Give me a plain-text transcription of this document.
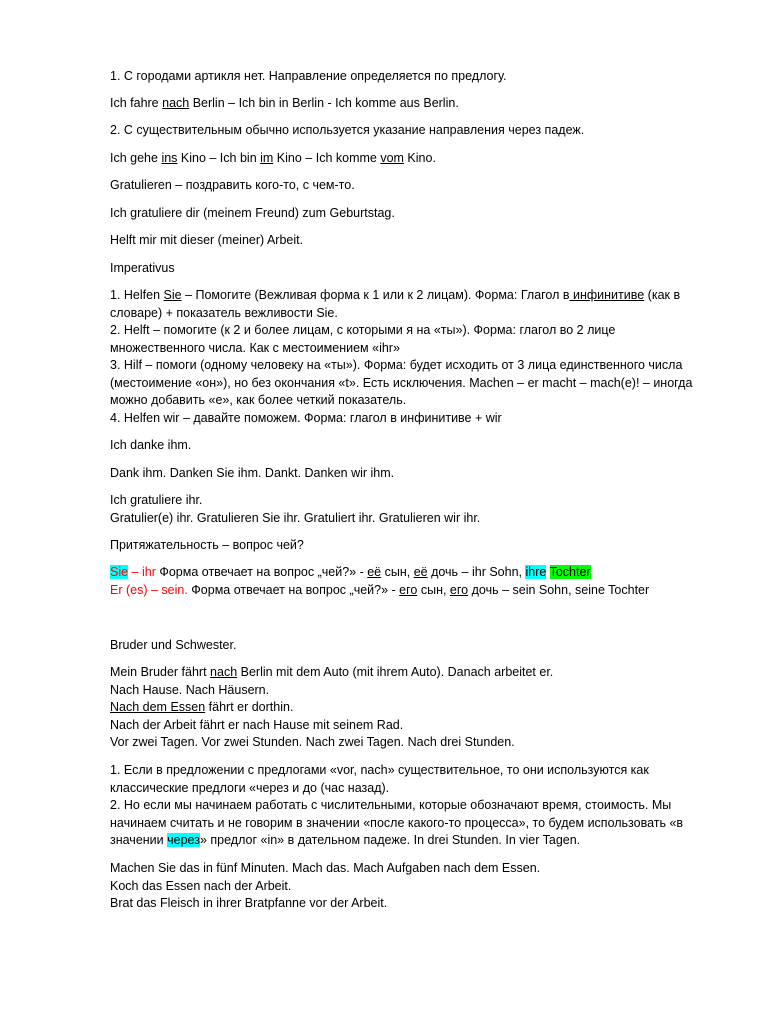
1. С городами артикля нет. Направление определяется по предлогу.

Ich fahre nach Berlin – Ich bin in Berlin - Ich komme aus Berlin.

2. С существительным обычно используется указание направления через падеж.

Ich gehe ins Kino – Ich bin im Kino – Ich komme vom Kino.

Gratulieren – поздравить кого-то, с чем-то.

Ich gratuliere dir (meinem Freund) zum Geburtstag.

Helft mir mit dieser (meiner) Arbeit.

Imperativus

1. Helfen Sie – Помогите (Вежливая форма к 1 или к 2 лицам). Форма: Глагол в инфинитиве (как в словаре) + показатель вежливости Sie.
2. Helft – помогите (к 2 и более лицам, с которыми я на «ты»). Форма: глагол во 2 лице множественного числа. Как с местоимением «ihr»
3. Hilf – помоги (одному человеку на «ты»). Форма: будет исходить от 3 лица единственного числа (местоимение «он»), но без окончания «t». Есть исключения. Machen – er macht – mach(e)! – иногда можно добавить «e», как более четкий показатель.
4. Helfen wir – давайте поможем. Форма: глагол в инфинитиве + wir

Ich danke ihm.

Dank ihm. Danken Sie ihm. Dankt. Danken wir ihm.

Ich gratuliere ihr.
Gratulier(e) ihr. Gratulieren Sie ihr. Gratuliert ihr. Gratulieren wir ihr.

Притяжательность – вопрос чей?

Sie – ihr Форма отвечает на вопрос „чей?» - её сын, её дочь – ihr Sohn, ihre Tochter
Er (es) – sein. Форма отвечает на вопрос „чей?» - его сын, его дочь – sein Sohn, seine Tochter

Bruder und Schwester.

Mein Bruder fährt nach Berlin mit dem Auto (mit ihrem Auto). Danach arbeitet er.
Nach Hause. Nach Häusern.
Nach dem Essen fährt er dorthin.
Nach der Arbeit fährt er nach Hause mit seinem Rad.
Vor zwei Tagen. Vor zwei Stunden. Nach zwei Tagen. Nach drei Stunden.
1. Если в предложении с предлогами «vor, nach» существительное, то они используются как классические предлоги «через и до (час назад).
2. Но если мы начинаем работать с числительными, которые обозначают время, стоимость. Мы начинаем считать и не говорим в значении «после какого-то процесса», то будем использовать «в значении через» предлог «in» в дательном падеже. In drei Stunden. In vier Tagen.
Machen Sie das in fünf Minuten. Mach das. Mach Aufgaben nach dem Essen.
Koch das Essen nach der Arbeit.
Brat das Fleisch in ihrer Bratpfanne vor der Arbeit.
